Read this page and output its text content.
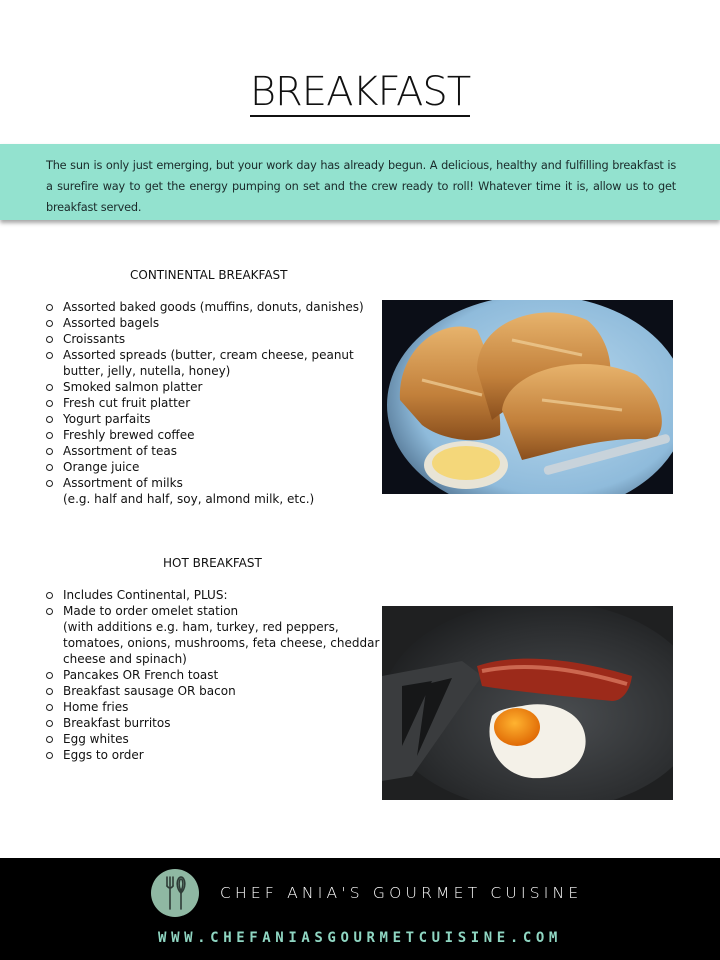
BREAKFAST
The sun is only just emerging, but your work day has already begun. A delicious, healthy and fulfilling breakfast is a surefire way to get the energy pumping on set and the crew ready to roll! Whatever time it is, allow us to get breakfast served.
CONTINENTAL BREAKFAST
Assorted baked goods (muffins, donuts, danishes)
Assorted bagels
Croissants
Assorted spreads (butter, cream cheese, peanut
butter, jelly, nutella, honey)
Smoked salmon platter
Fresh cut fruit platter
Yogurt parfaits
Freshly brewed coffee
Assortment of teas
Orange juice
Assortment of milks
(e.g. half and half, soy, almond milk, etc.)
HOT BREAKFAST
Includes Continental, PLUS:
Made to order omelet station
(with additions e.g. ham, turkey, red peppers, tomatoes, onions, mushrooms, feta cheese, cheddar cheese and spinach)
Pancakes OR French toast
Breakfast sausage OR bacon
Home fries
Breakfast burritos
Egg whites
Eggs to order
CHEF ANIA'S GOURMET CUISINE
WWW.CHEFANIASGOURMETCUISINE.COM
